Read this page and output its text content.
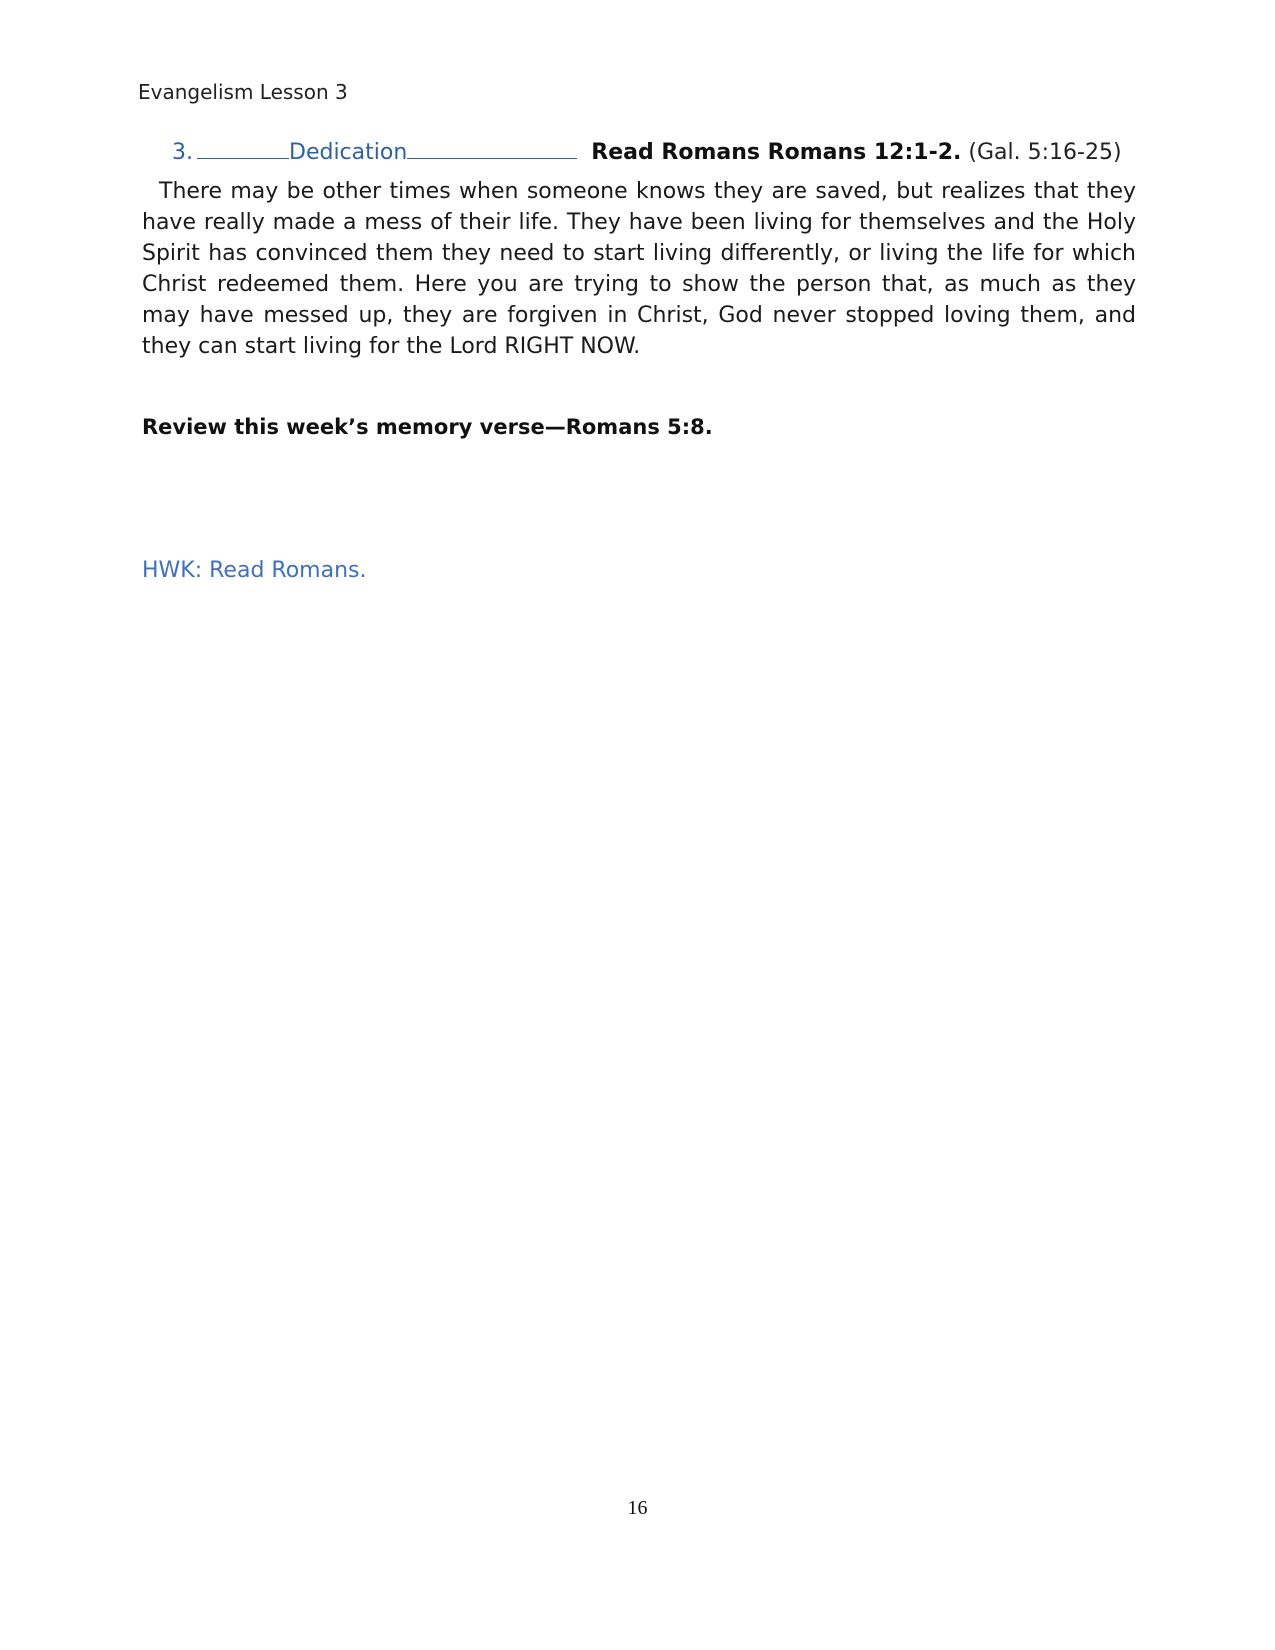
Evangelism Lesson 3
3.	Dedication	Read Romans Romans 12:1-2. (Gal. 5:16-25)
There may be other times when someone knows they are saved, but realizes that they have really made a mess of their life. They have been living for themselves and the Holy Spirit has convinced them they need to start living differently, or living the life for which Christ redeemed them. Here you are trying to show the person that, as much as they may have messed up, they are forgiven in Christ, God never stopped loving them, and they can start living for the Lord RIGHT NOW.
Review this week’s memory verse—Romans 5:8.
HWK: Read Romans.
16
